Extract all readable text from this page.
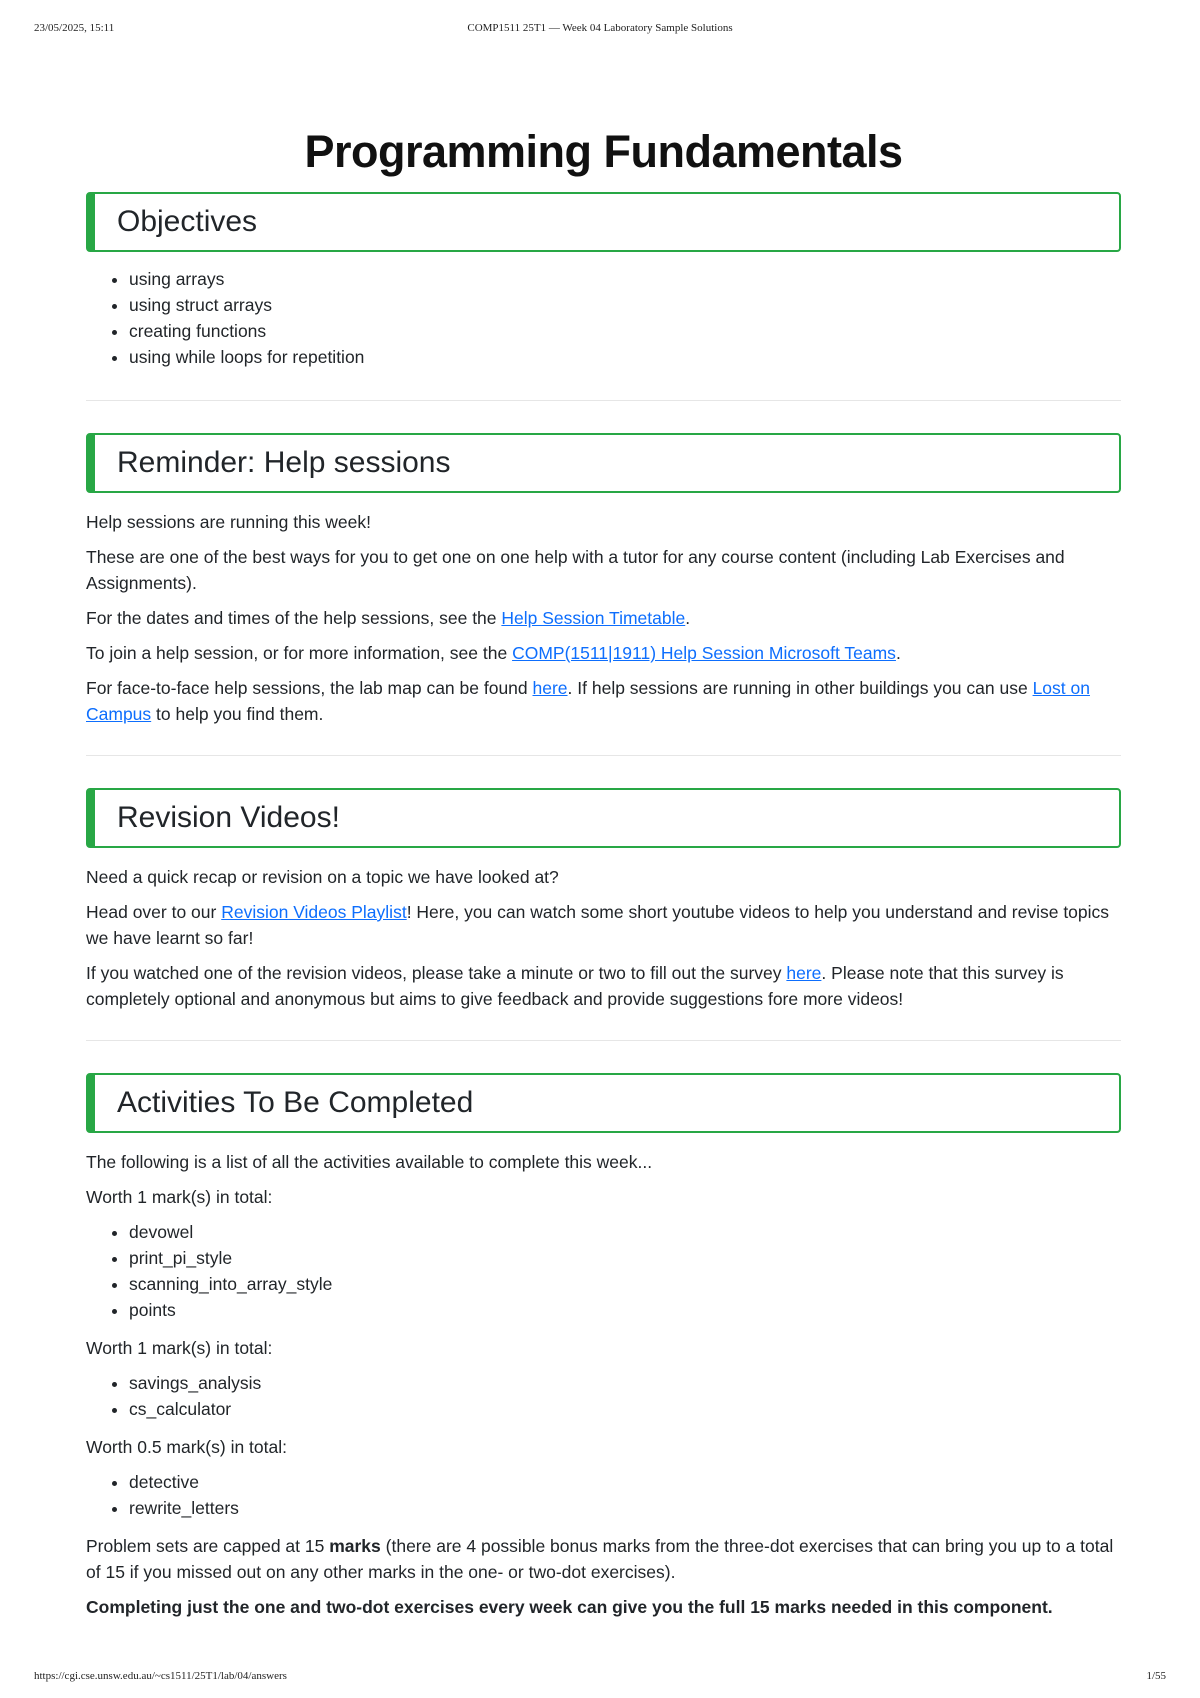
23/05/2025, 15:11	COMP1511 25T1 — Week 04 Laboratory Sample Solutions
Programming Fundamentals
Objectives
• using arrays
• using struct arrays
• creating functions
• using while loops for repetition
Reminder: Help sessions

Help sessions are running this week!

These are one of the best ways for you to get one on one help with a tutor for any course content (including Lab Exercises and Assignments).

For the dates and times of the help sessions, see the Help Session Timetable.

To join a help session, or for more information, see the COMP(1511|1911) Help Session Microsoft Teams.

For face-to-face help sessions, the lab map can be found here. If help sessions are running in other buildings you can use Lost on Campus to help you find them.

Revision Videos!

Need a quick recap or revision on a topic we have looked at?

Head over to our Revision Videos Playlist! Here, you can watch some short youtube videos to help you understand and revise topics we have learnt so far!

If you watched one of the revision videos, please take a minute or two to fill out the survey here. Please note that this survey is completely optional and anonymous but aims to give feedback and provide suggestions fore more videos!

Activities To Be Completed

The following is a list of all the activities available to complete this week...

Worth 1 mark(s) in total:

• devowel
• print_pi_style
• scanning_into_array_style
• points

Worth 1 mark(s) in total:

• savings_analysis
• cs_calculator

Worth 0.5 mark(s) in total:

• detective
• rewrite_letters

Problem sets are capped at 15 marks (there are 4 possible bonus marks from the three-dot exercises that can bring you up to a total of 15 if you missed out on any other marks in the one- or two-dot exercises).

Completing just the one and two-dot exercises every week can give you the full 15 marks needed in this component.

https://cgi.cse.unsw.edu.au/~cs1511/25T1/lab/04/answers	1/55
